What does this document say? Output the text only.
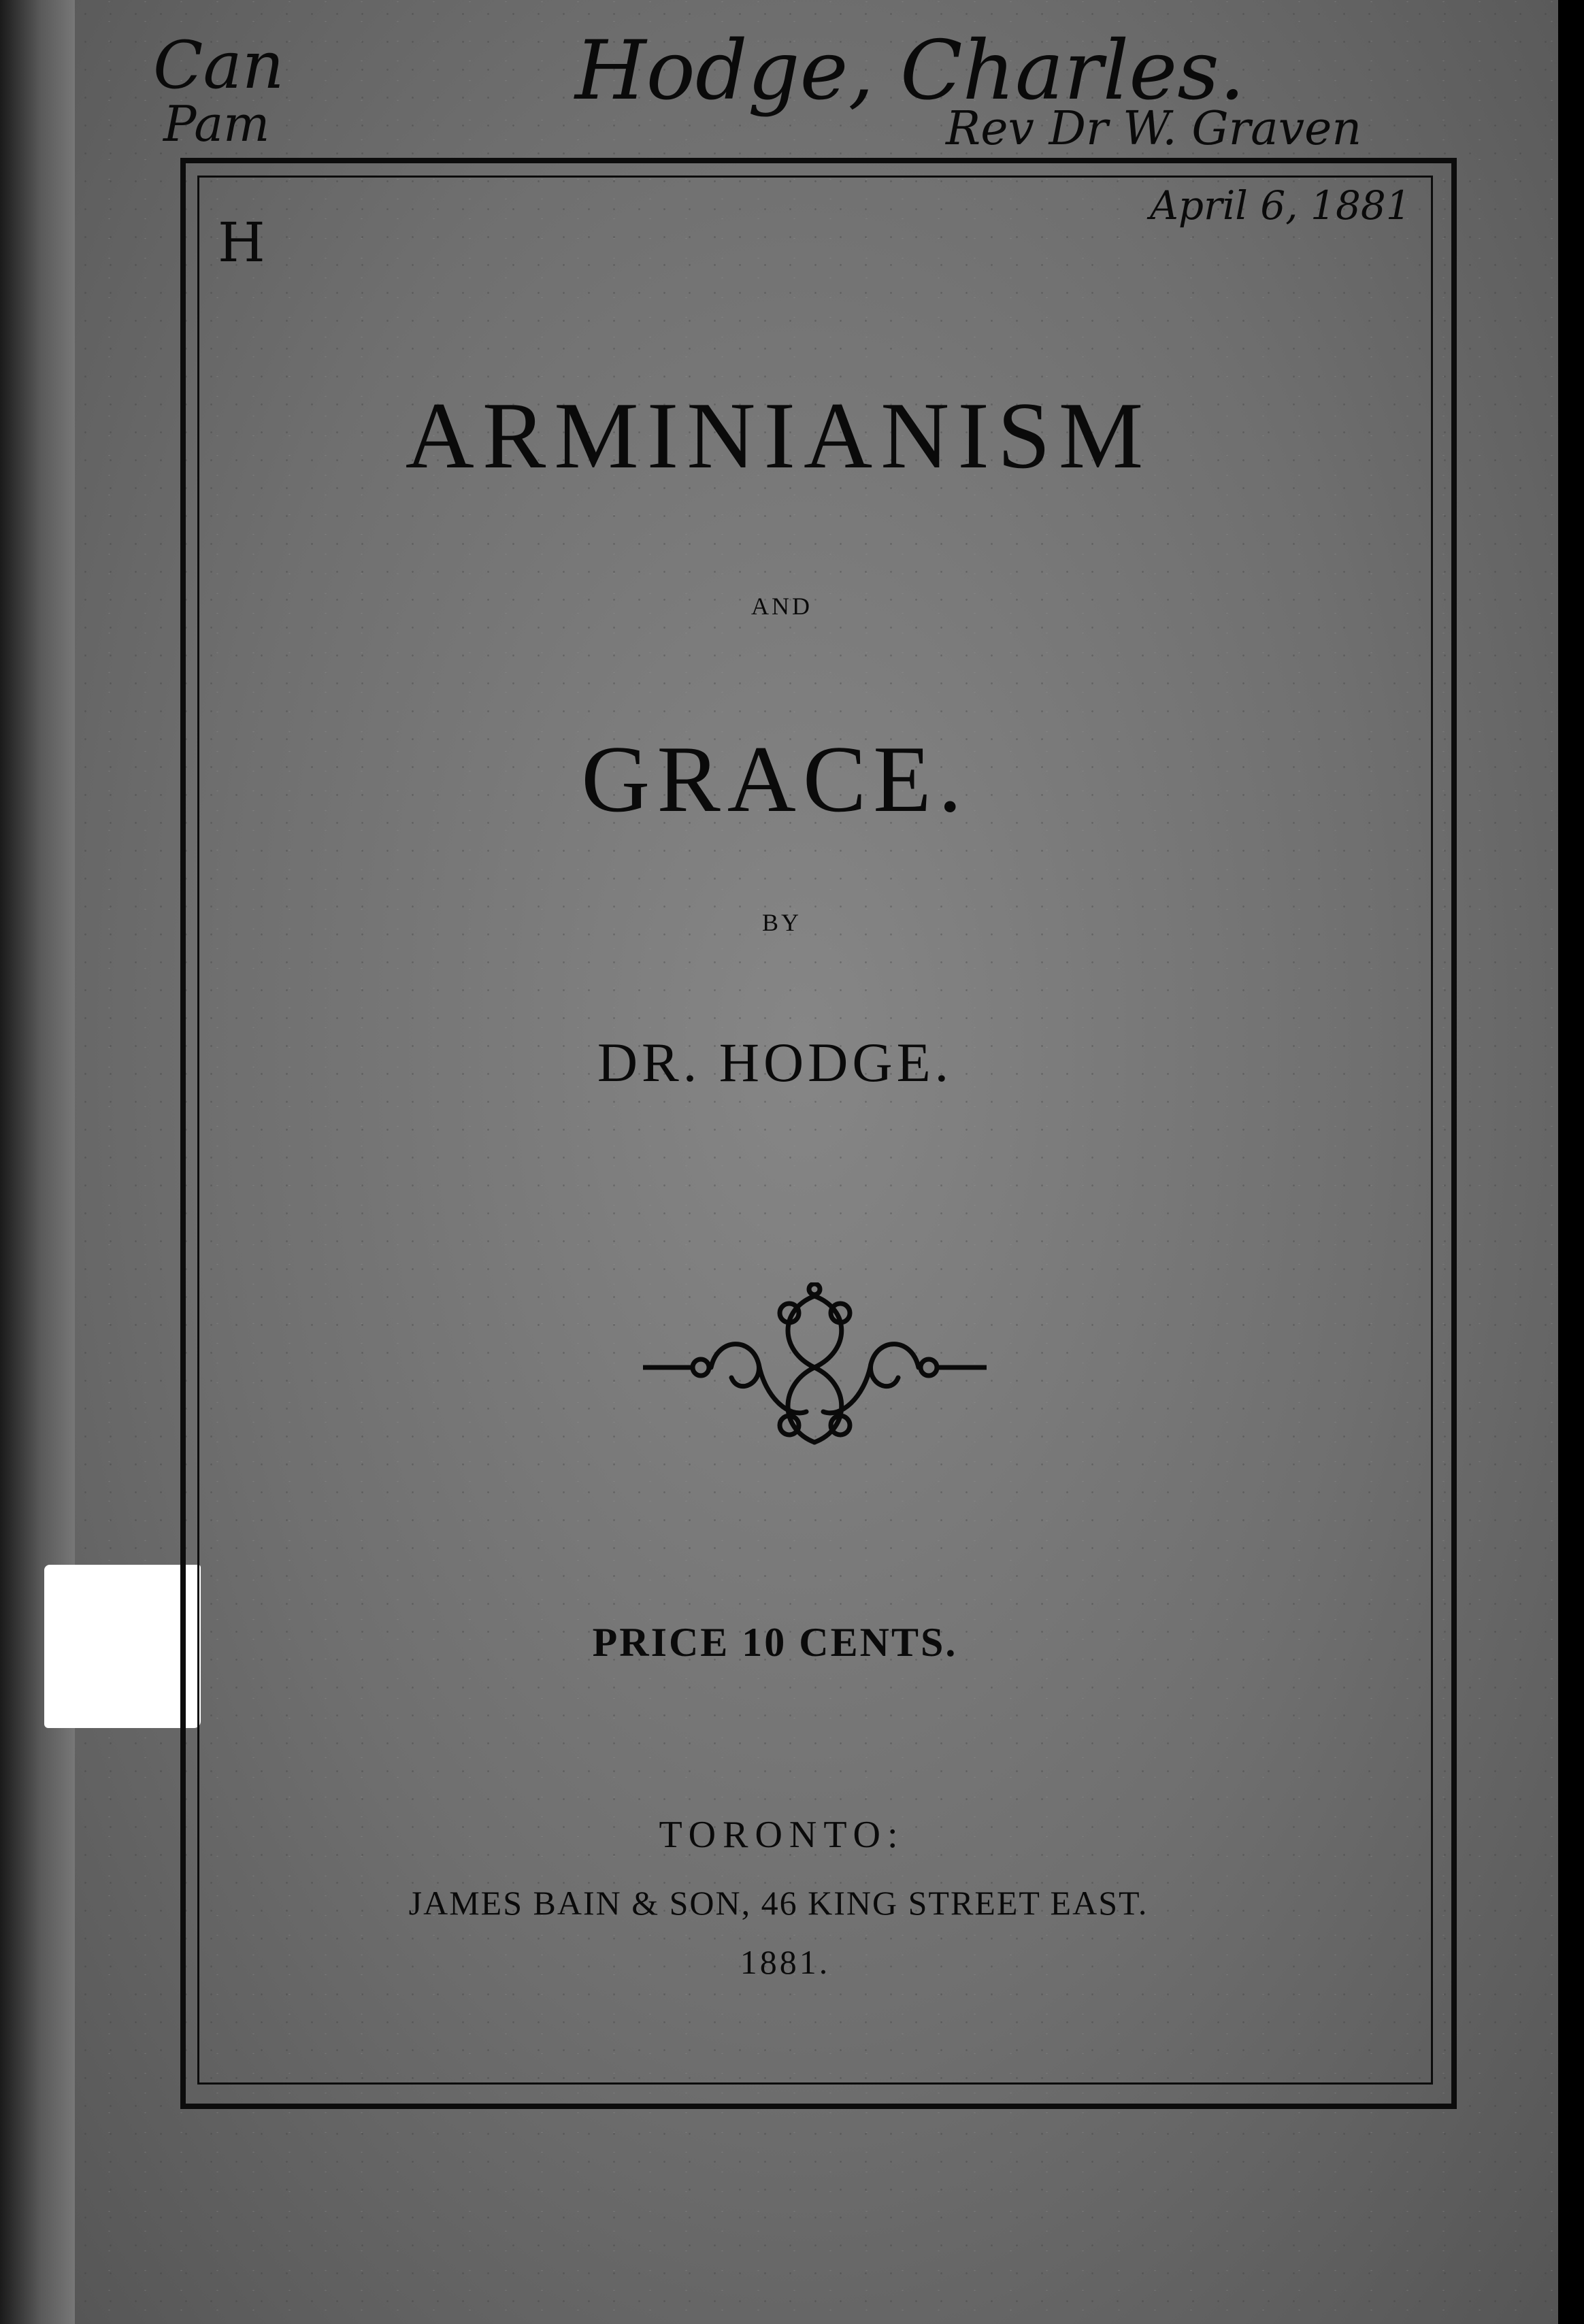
Can
Pam
Hodge, Charles.
Rev Dr W. Graven
April 6, 1881
H
ARMINIANISM
AND
GRACE.
BY
DR. HODGE.
PRICE 10 CENTS.
TORONTO:
JAMES BAIN & SON, 46 KING STREET EAST.
1881.
